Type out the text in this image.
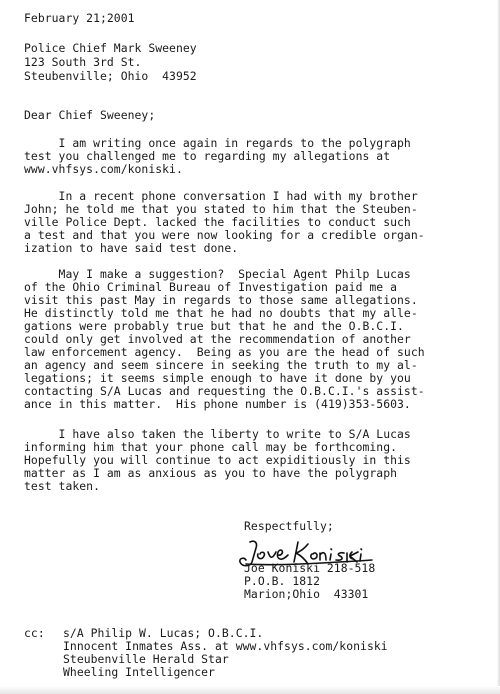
February 21;2001
Police Chief Mark Sweeney
123 South 3rd St.
Steubenville; Ohio  43952
Dear Chief Sweeney;
I am writing once again in regards to the polygraph
test you challenged me to regarding my allegations at
www.vhfsys.com/koniski.
In a recent phone conversation I had with my brother
John; he told me that you stated to him that the Steuben-
ville Police Dept. lacked the facilities to conduct such
a test and that you were now looking for a credible organ-
ization to have said test done.
May I make a suggestion?  Special Agent Philp Lucas
of the Ohio Criminal Bureau of Investigation paid me a
visit this past May in regards to those same allegations.
He distinctly told me that he had no doubts that my alle-
gations were probably true but that he and the O.B.C.I.
could only get involved at the recommendation of another
law enforcement agency.  Being as you are the head of such
an agency and seem sincere in seeking the truth to my al-
legations; it seems simple enough to have it done by you
contacting S/A Lucas and requesting the O.B.C.I.'s assist-
ance in this matter.  His phone number is (419)353-5603.
I have also taken the liberty to write to S/A Lucas
informing him that your phone call may be forthcoming.
Hopefully you will continue to act expiditiously in this
matter as I am as anxious as you to have the polygraph
test taken.
Respectfully;
Joe Koniski 218-518
P.O.B. 1812
Marion;Ohio  43301
cc: s/A Philip W. Lucas; O.B.C.I.
Innocent Inmates Ass. at www.vhfsys.com/koniski
Steubenville Herald Star
Wheeling Intelligencer
